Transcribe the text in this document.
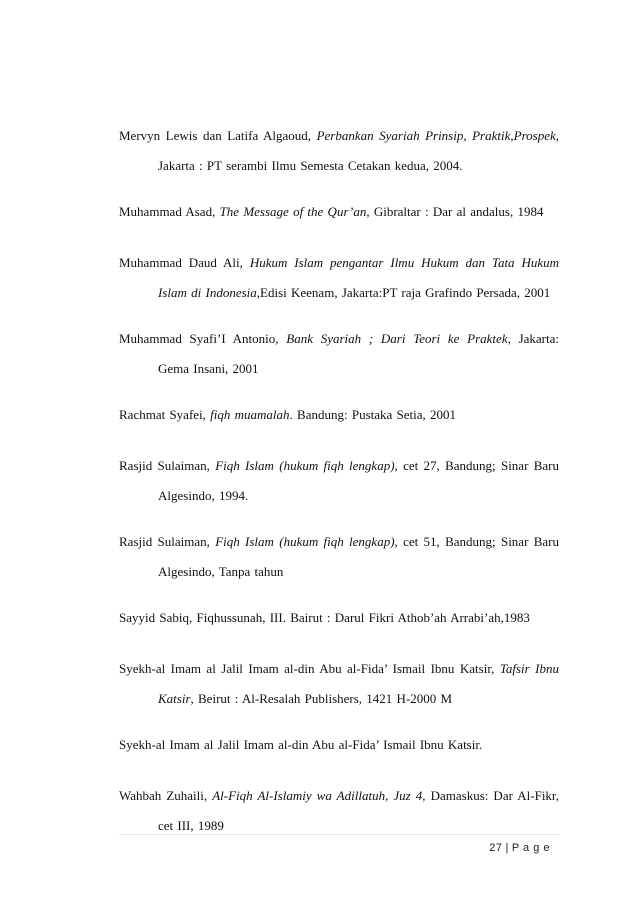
Mervyn Lewis dan Latifa Algaoud, Perbankan Syariah Prinsip, Praktik,Prospek, Jakarta : PT serambi Ilmu Semesta Cetakan kedua, 2004.

Muhammad Asad, The Message of the Qur’an, Gibraltar : Dar al andalus, 1984

Muhammad Daud Ali, Hukum Islam pengantar Ilmu Hukum dan Tata Hukum Islam di Indonesia,Edisi Keenam, Jakarta:PT raja Grafindo Persada, 2001

Muhammad Syafi’I Antonio, Bank Syariah ; Dari Teori ke Praktek, Jakarta: Gema Insani, 2001

Rachmat Syafei, fiqh muamalah. Bandung: Pustaka Setia, 2001

Rasjid Sulaiman, Fiqh Islam (hukum fiqh lengkap), cet 27, Bandung; Sinar Baru Algesindo, 1994.

Rasjid Sulaiman, Fiqh Islam (hukum fiqh lengkap), cet 51, Bandung; Sinar Baru Algesindo, Tanpa tahun

Sayyid Sabiq, Fiqhussunah, III. Bairut : Darul Fikri Athob’ah Arrabi’ah,1983

Syekh-al Imam al Jalil Imam al-din Abu al-Fida’ Ismail Ibnu Katsir, Tafsir Ibnu Katsir, Beirut : Al-Resalah Publishers, 1421 H-2000 M

Syekh-al Imam al Jalil Imam al-din Abu al-Fida’ Ismail Ibnu Katsir.

Wahbah Zuhaili, Al-Fiqh Al-Islamiy wa Adillatuh, Juz 4, Damaskus: Dar Al-Fikr, cet III, 1989

27 | P a g e
